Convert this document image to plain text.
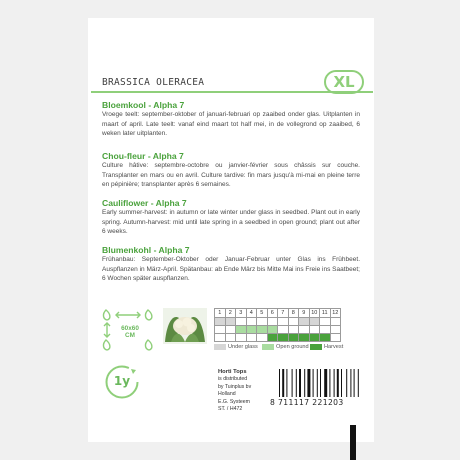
BRASSICA OLERACEA	XL

Bloemkool - Alpha 7

Vroege teelt: september-oktober of januari-februari op zaaibed onder glas. Uitplanten in maart of april. Late teelt: vanaf eind maart tot half mei, in de vollegrond op zaaibed, 6 weken later uitplanten.

Chou-fleur - Alpha 7

Culture hâtive: septembre-octobre ou janvier-février sous châssis sur couche. Transplanter en mars ou en avril. Culture tardive: fin mars jusqu'à mi-mai en pleine terre en pépinière; transplanter après 6 semaines.

Cauliflower - Alpha 7

Early summer-harvest: in autumn or late winter under glass in seedbed. Plant out in early spring. Autumn-harvest: mid until late spring in a seedbed in open ground; plant out after 6 weeks.

Blumenkohl - Alpha 7

Frühanbau: September-Oktober oder Januar-Februar unter Glas ins Frühbeet. Auspflanzen in März-April. Spätanbau: ab Ende März bis Mitte Mai ins Freie ins Saatbeet; 6 Wochen später auspflanzen.

60x60
CM
1y
1	2	3	4	5	6	7	8	9	10	11	12

Under glass	Open ground	Harvest
Horti Tops
is distributed
by Tuinplus bv
Holland
E.G. Systeem
ST. / H472
8 711117 221203
